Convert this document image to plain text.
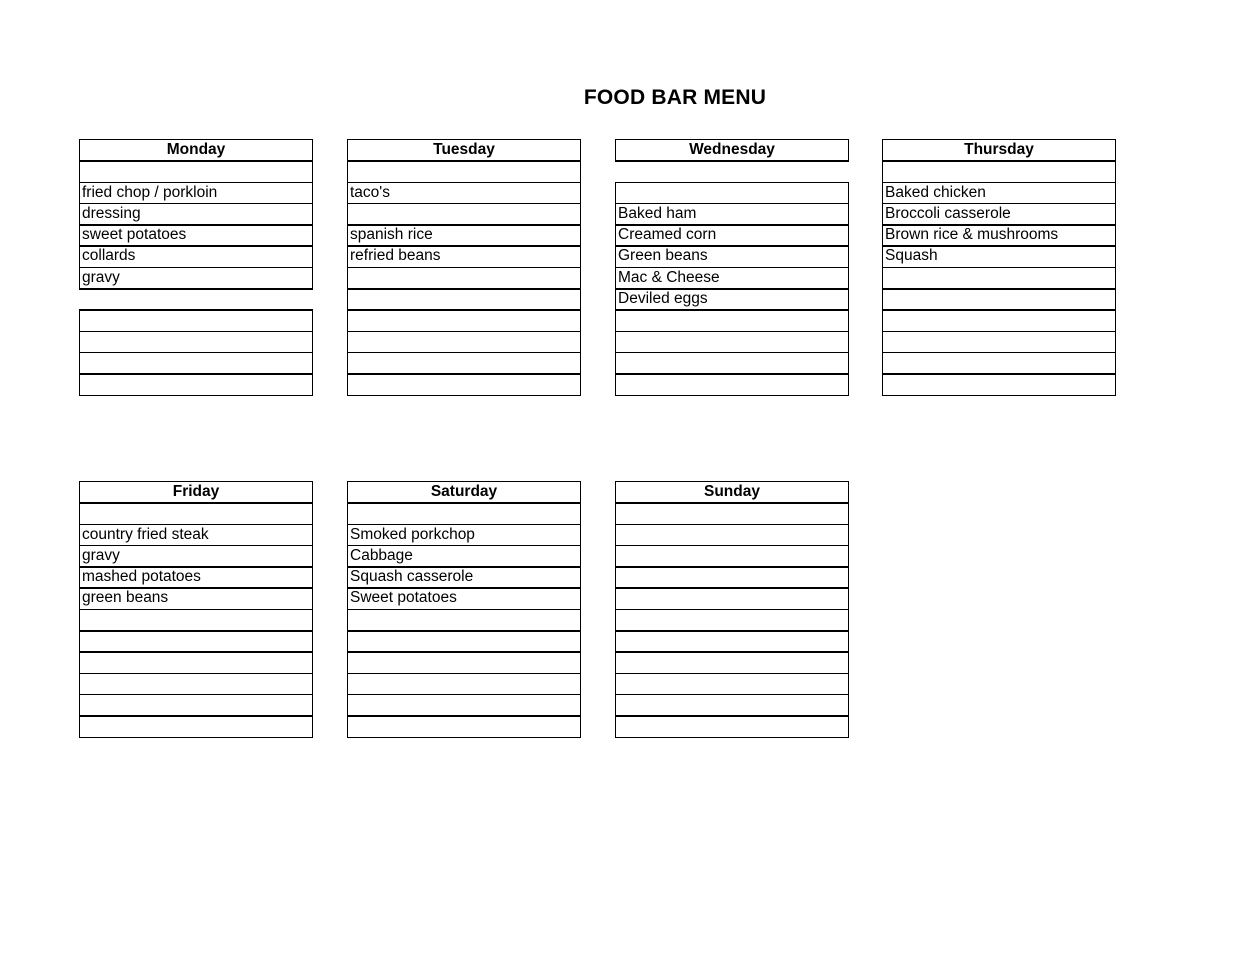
FOOD BAR MENU
Monday
fried chop / porkloin
dressing
sweet potatoes
collards
gravy
Tuesday
taco's
spanish rice
refried beans
Wednesday
Baked ham
Creamed corn
Green beans
Mac & Cheese
Deviled eggs
Thursday
Baked chicken
Broccoli casserole
Brown rice & mushrooms
Squash
Friday
country fried steak
gravy
mashed potatoes
green beans
Saturday
Smoked porkchop
Cabbage
Squash casserole
Sweet potatoes
Sunday
